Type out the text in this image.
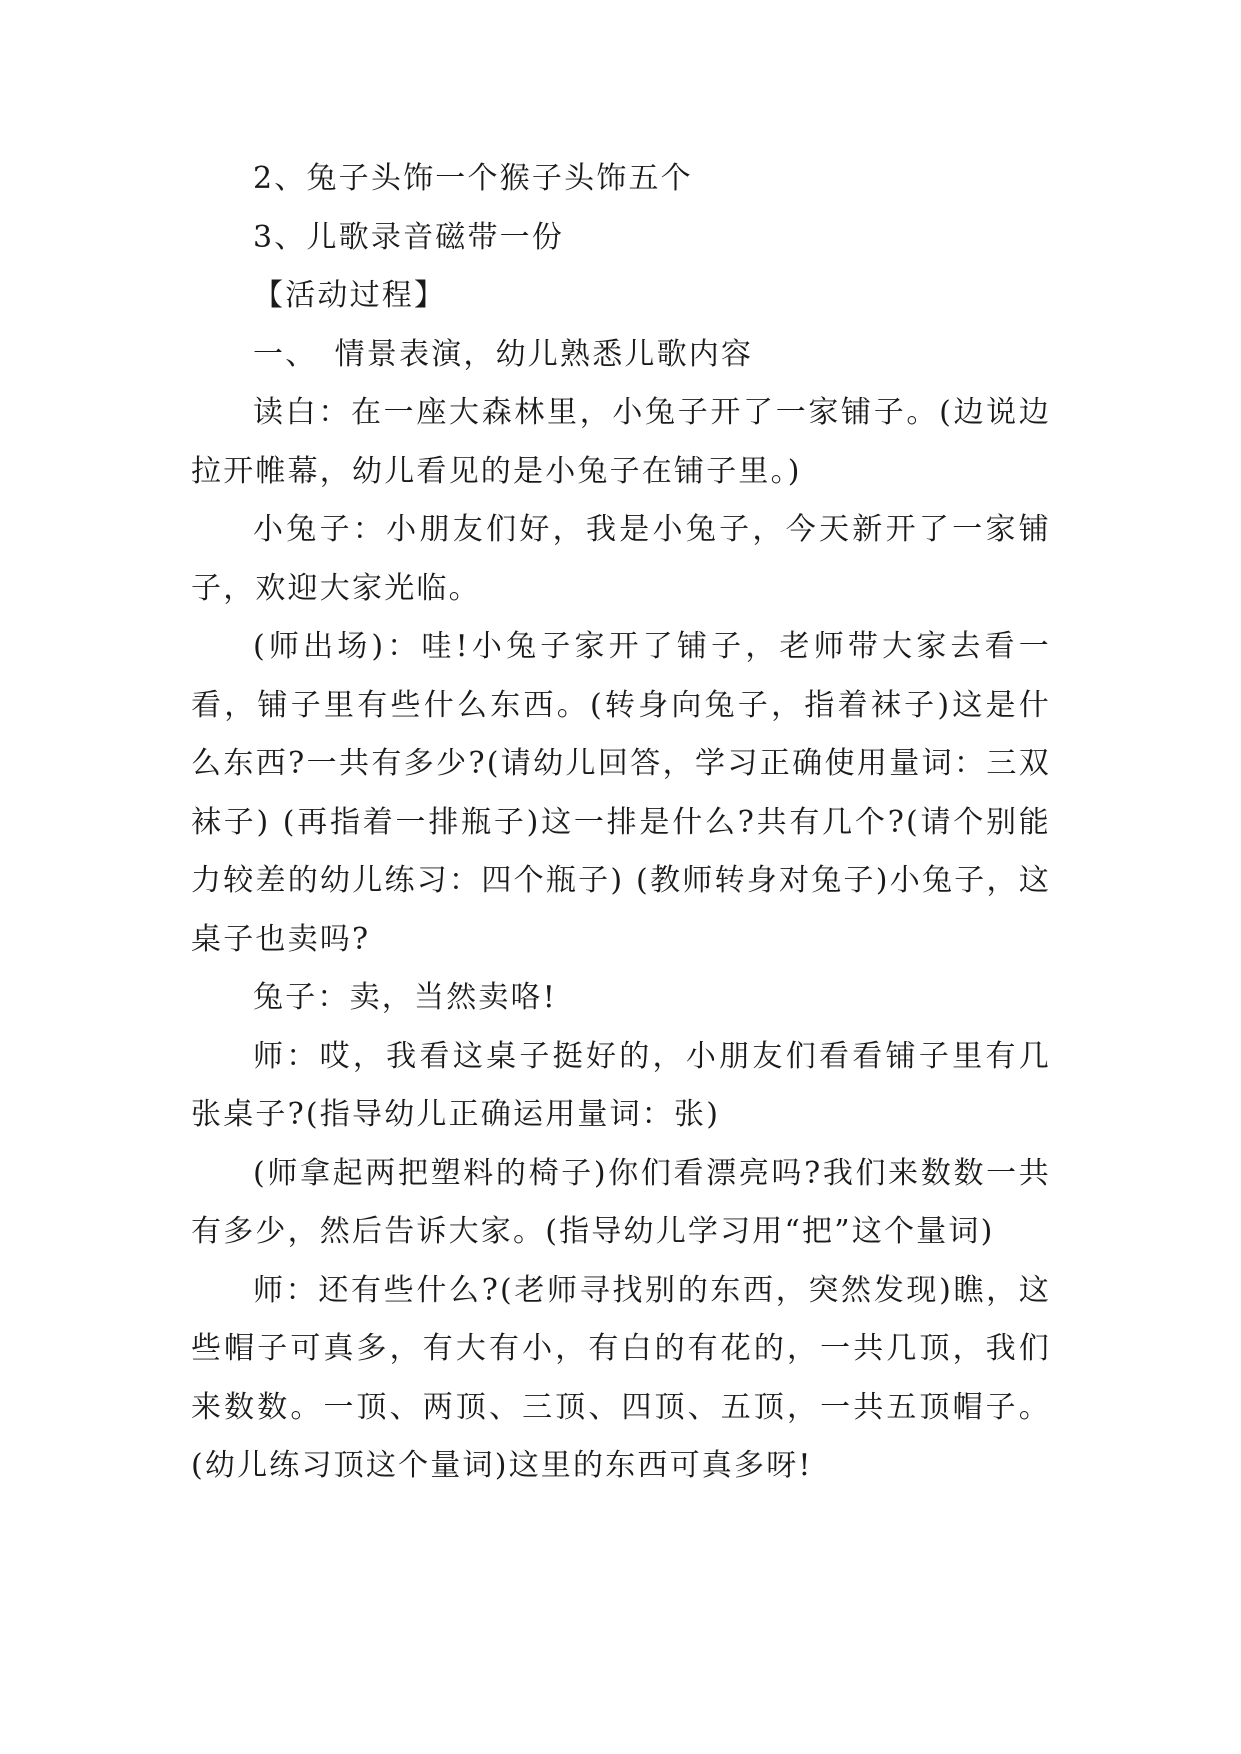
2、兔子头饰一个猴子头饰五个

3、儿歌录音磁带一份

【活动过程】

一、　情景表演，幼儿熟悉儿歌内容

读白：在一座大森林里，小兔子开了一家铺子。(边说边拉开帷幕，幼儿看见的是小兔子在铺子里。)

小兔子：小朋友们好，我是小兔子，今天新开了一家铺子，欢迎大家光临。

(师出场)：哇!小兔子家开了铺子，老师带大家去看一看，铺子里有些什么东西。(转身向兔子，指着袜子)这是什么东西?一共有多少?(请幼儿回答，学习正确使用量词：三双袜子) (再指着一排瓶子)这一排是什么?共有几个?(请个别能力较差的幼儿练习：四个瓶子) (教师转身对兔子)小兔子，这桌子也卖吗?

兔子：卖，当然卖咯!

师：哎，我看这桌子挺好的，小朋友们看看铺子里有几张桌子?(指导幼儿正确运用量词：张)

(师拿起两把塑料的椅子)你们看漂亮吗?我们来数数一共有多少，然后告诉大家。(指导幼儿学习用“把”这个量词)

师：还有些什么?(老师寻找别的东西，突然发现)瞧，这些帽子可真多，有大有小，有白的有花的，一共几顶，我们来数数。一顶、两顶、三顶、四顶、五顶，一共五顶帽子。(幼儿练习顶这个量词)这里的东西可真多呀!
